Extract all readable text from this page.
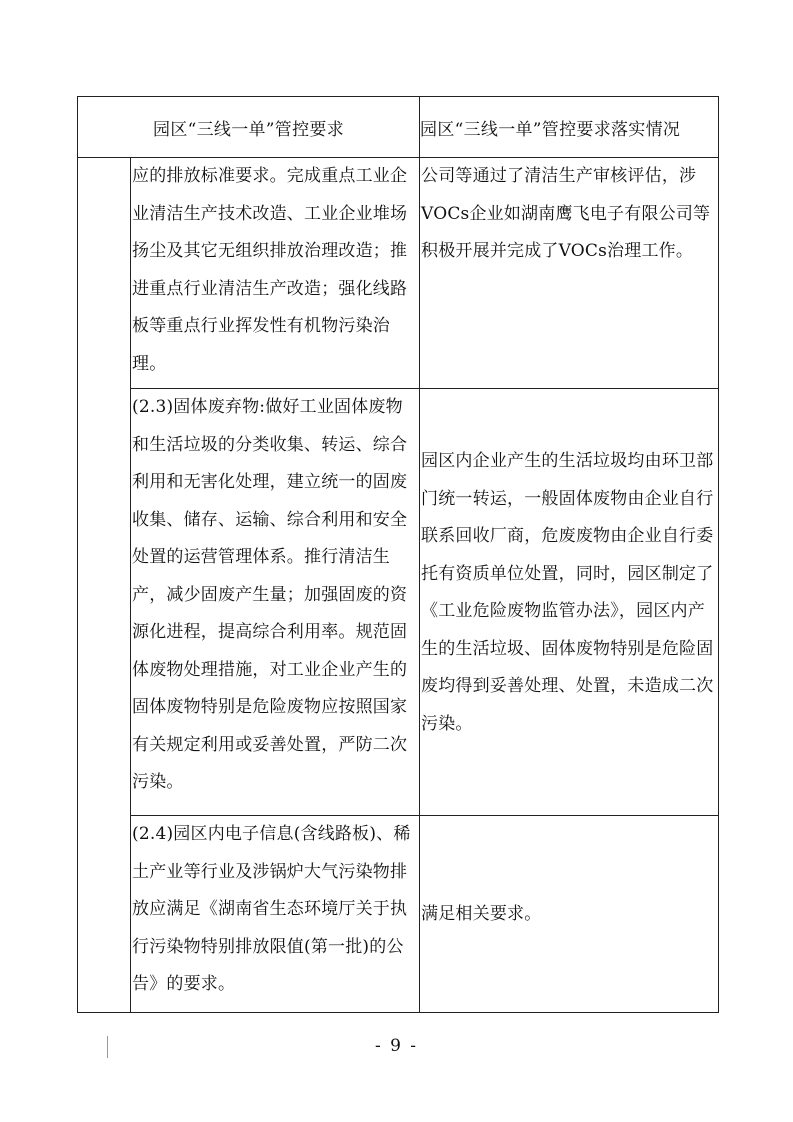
园区“三线一单”管控要求		园区“三线一单”管控要求落实情况

	应的排放标准要求。完成重点工业企业清洁生产技术改造、工业企业堆场扬尘及其它无组织排放治理改造；推进重点行业清洁生产改造；强化线路板等重点行业挥发性有机物污染治理。	公司等通过了清洁生产审核评估，涉VOCs企业如湖南鹰飞电子有限公司等积极开展并完成了VOCs治理工作。

	(2.3)固体废弃物:做好工业固体废物和生活垃圾的分类收集、转运、综合利用和无害化处理，建立统一的固废收集、储存、运输、综合利用和安全处置的运营管理体系。推行清洁生产，减少固废产生量；加强固废的资源化进程，提高综合利用率。规范固体废物处理措施，对工业企业产生的固体废物特别是危险废物应按照国家有关规定利用或妥善处置，严防二次污染。	园区内企业产生的生活垃圾均由环卫部门统一转运，一般固体废物由企业自行联系回收厂商，危废废物由企业自行委托有资质单位处置，同时，园区制定了《工业危险废物监管办法》，园区内产生的生活垃圾、固体废物特别是危险固废均得到妥善处理、处置，未造成二次污染。

	(2.4)园区内电子信息(含线路板)、稀土产业等行业及涉锅炉大气污染物排放应满足《湖南省生态环境厅关于执行污染物特别排放限值(第一批)的公告》的要求。	满足相关要求。
- 9 -
